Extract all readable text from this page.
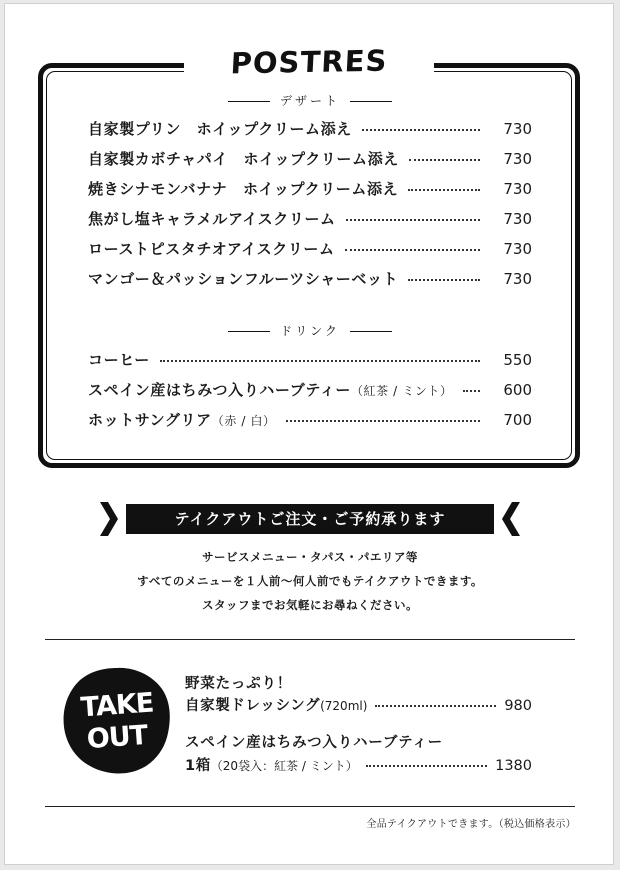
POSTRES
デザート
自家製プリン　ホイップクリーム添え	730
自家製カボチャパイ　ホイップクリーム添え	730
焼きシナモンバナナ　ホイップクリーム添え	730
焦がし塩キャラメルアイスクリーム	730
ローストピスタチオアイスクリーム	730
マンゴー＆パッションフルーツシャーベット	730
ドリンク
コーヒー	550
スペイン産はちみつ入りハーブティー（紅茶 / ミント）	600
ホットサングリア（赤 / 白）	700
テイクアウトご注文・ご予約承ります
サービスメニュー・タパス・パエリア等
すべてのメニューを１人前〜何人前でもテイクアウトできます。
スタッフまでお気軽にお尋ねください。
TAKE
OUT
野菜たっぷり！
自家製ドレッシング(720ml)	980
スペイン産はちみつ入りハーブティー
1箱（20袋入：紅茶 / ミント）	1380
全品テイクアウトできます。（税込価格表示）
